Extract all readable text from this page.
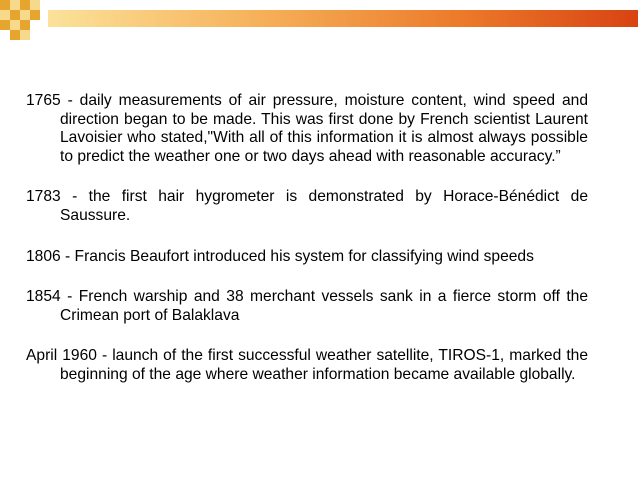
1765 - daily measurements of air pressure, moisture content, wind speed and direction began to be made. This was first done by French scientist Laurent Lavoisier who stated,"With all of this information it is almost always possible to predict the weather one or two days ahead with reasonable accuracy.”

1783 - the first hair hygrometer is demonstrated by Horace-Bénédict de Saussure.

1806 - Francis Beaufort introduced his system for classifying wind speeds

1854 - French warship and 38 merchant vessels sank in a fierce storm off the Crimean port of Balaklava

April 1960 - launch of the first successful weather satellite, TIROS-1, marked the beginning of the age where weather information became available globally.
